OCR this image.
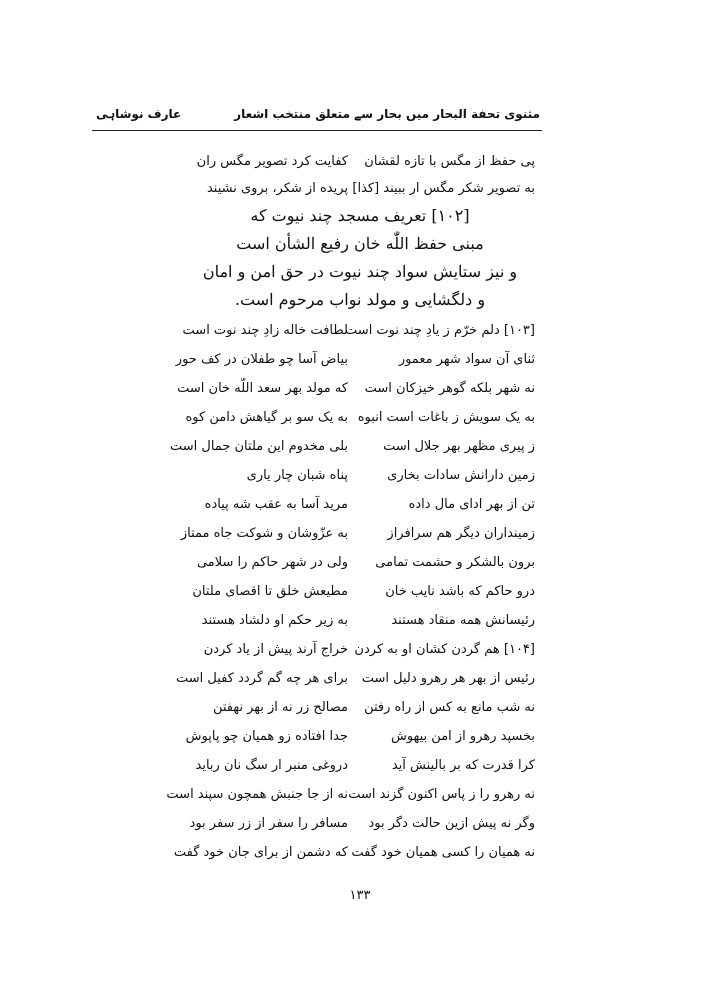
مثنوی تحفة البحار میں بحار سے متعلق منتخب اشعار
عارف نوشاہی
پی حفظ از مگس با تازه لقشان
کفایت کرد تصویر مگس ران
به تصویر شکر مگس ار ببیند [کذا]
پریده از شکر، بروی نشیند
[۱۰۲] تعریف مسجد چند نیوت که
مبنی حفظ اللّٰه خان رفیع الشأن است
و نیز ستایش سواد چند نیوت در حق امن و امان
و دلگشایی و مولد نواب مرحوم است.
[۱۰۳] دلم خرّم ز یادِ چند نوت است
لطافت خاله زادِ چند نوت است
ثنای آن سواد شهر معمور
بیاض آسا چو طفلان در کف حور
نه شهر بلکه گوهر خیزکان است
که مولد بهر سعد اللّه خان است
به یک سویش ز باغات است انبوه
به یک سو بر گیاهش دامن کوه
ز پیری مظهر بهر جلال است
بلی مخدوم این ملتان جمال است
زمین دارانش سادات بخاری
پناه شبان چار یاری
تن از بهر ادای مال داده
مرید آسا به عقب شه پیاده
زمینداران دیگر هم سرافراز
به عزّوشان و شوکت جاه ممتاز
برون بالشکر و حشمت تمامی
ولی در شهر حاکم را سلامی
درو حاکم که باشد نایب خان
مطیعش خلق تا اقصای ملتان
رئیسانش همه منقاد هستند
به زیر حکم او دلشاد هستند
[۱۰۴] هم گردن کشان او به کردن
خراج آرند پیش از یاد کردن
رئیس از بهر هر رهرو دلیل است
برای هر چه گم گردد کفیل است
نه شب مانع به کس از راه رفتن
مصالح زر نه از بهر نهفتن
بخسپد رهرو از امن بیهوش
جدا افتاده زو همیان چو پاپوش
کرا قدرت که بر بالینش آید
دروغی منبر ار سگ نان رباید
نه رهرو را ز پاس اکنون گزند است
نه از جا جنبش همچون سپند است
وگر نه پیش ازین حالت دگر بود
مسافر را سفر از زر سفر بود
نه همیان را کسی همیان خود گفت
که دشمن از برای جان خود گفت
۱۳۳
